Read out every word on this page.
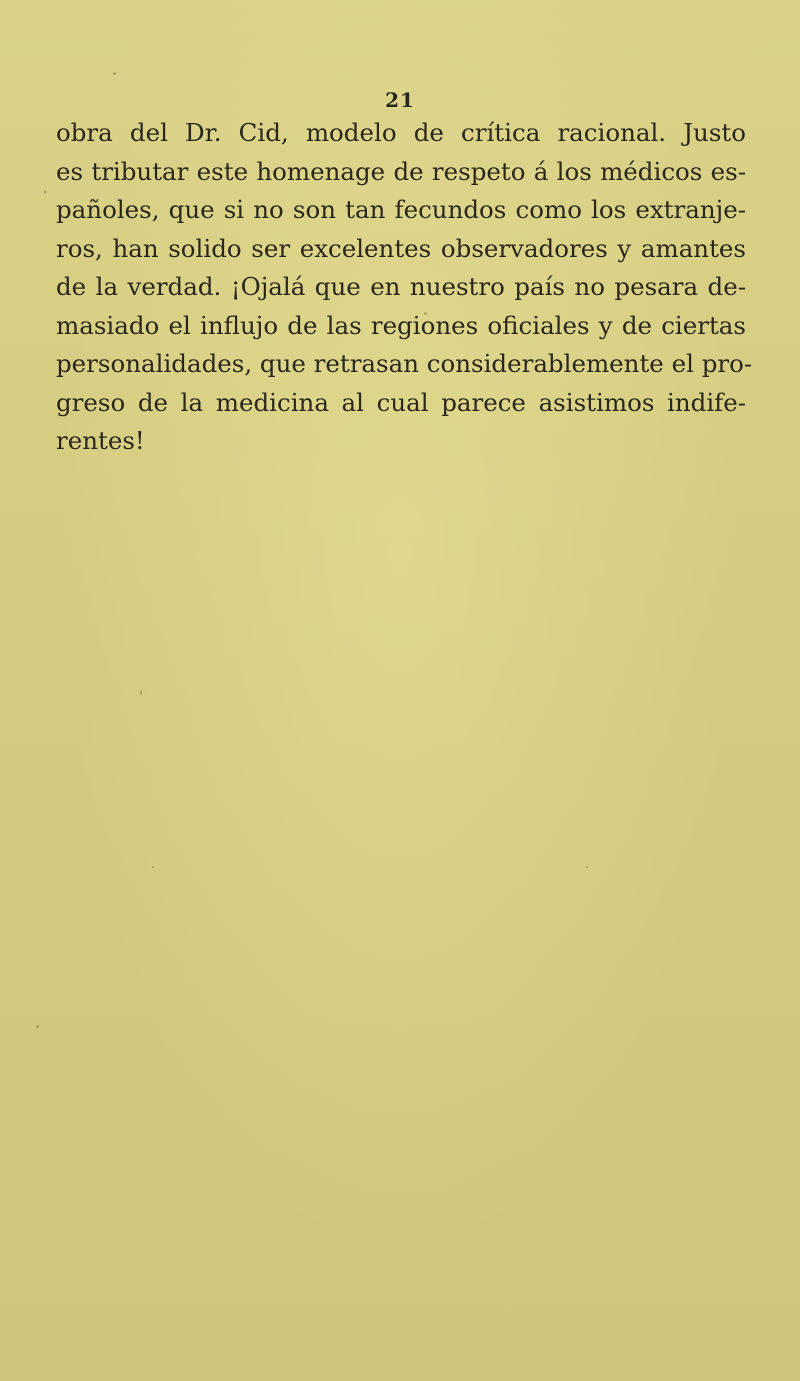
21
obra del Dr. Cid, modelo de crítica racional. Justo
es tributar este homenage de respeto á los médicos es-
pañoles, que si no son tan fecundos como los extranje-
ros, han solido ser excelentes observadores y amantes
de la verdad. ¡Ojalá que en nuestro país no pesara de-
masiado el influjo de las regiones oficiales y de ciertas
personalidades, que retrasan considerablemente el pro-
greso de la medicina al cual parece asistimos indife-
rentes!
